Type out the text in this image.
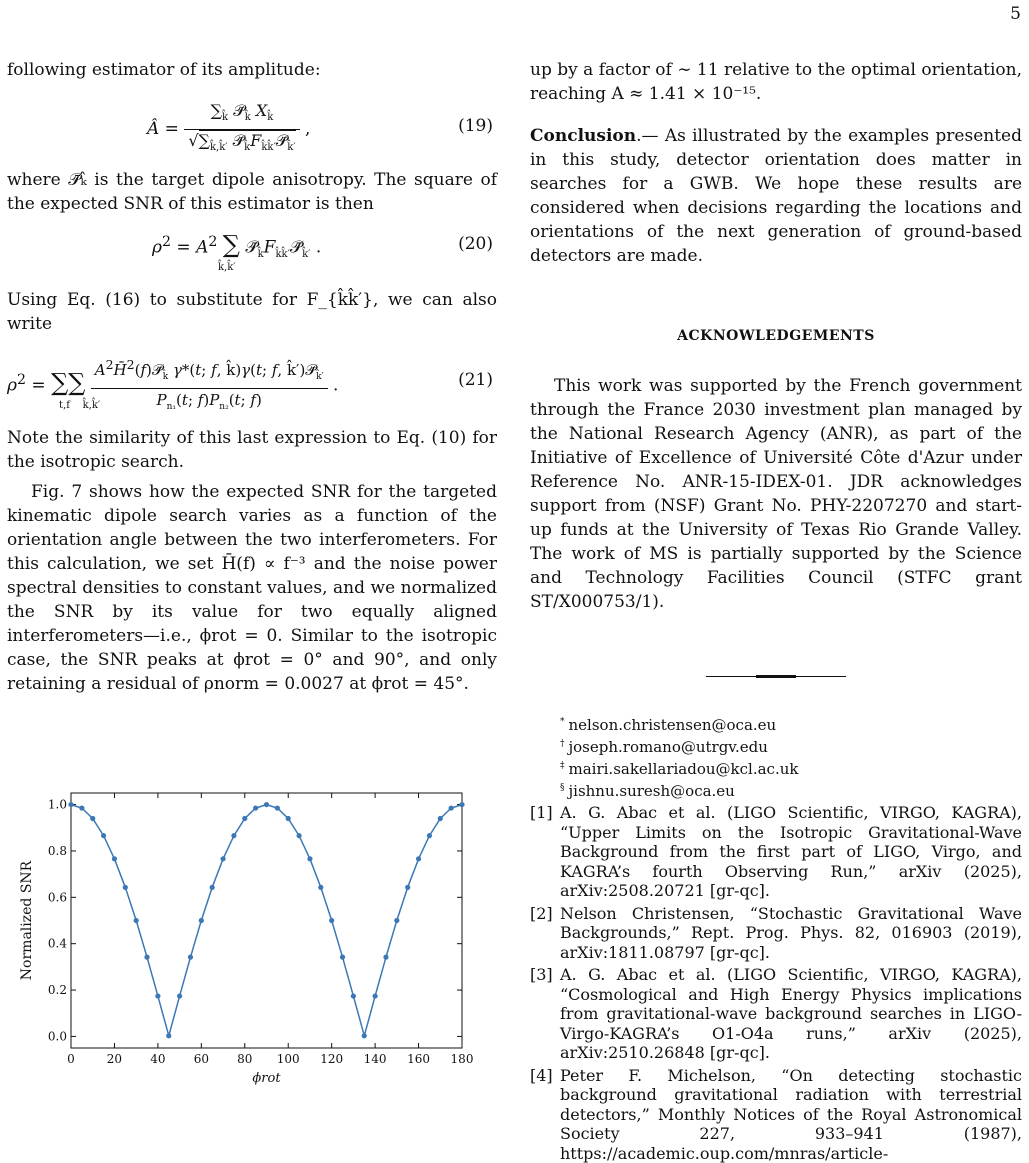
5

following estimator of its amplitude:

Â = $\frac{\sum_{k̂} 𝒫̄_{k̂} X_{k̂}}{√\sum_{k̂,k̂'} 𝒫̄_{k̂}F_{k̂k̂'}𝒫̄_{k̂'}}$ ,	(19)

where 𝒫̄ₖ̂ is the target dipole anisotropy. The square of the expected SNR of this estimator is then

$\rho^2 = A^2$ ∑ $𝒫̄_{k̂}F_{k̂k̂'}𝒫̄_{k̂'}$ .
k̂,k̂′
(20)

Using Eq. (16) to substitute for F_{k̂k̂′}, we can also write

$\rho^2$ = ∑∑ $\frac{A^2H̄^2(f)𝒫̄_{k̂} \gamma*(t; f, k̂)\gamma(t; f, k̂')𝒫̄_{k̂'}}{P_{n_1}(t; f)P_{n_2}(t; f)}$ .
t,f    k̂,k̂′
(21)

Note the similarity of this last expression to Eq. (10) for the isotropic search.

Fig. 7 shows how the expected SNR for the targeted kinematic dipole search varies as a function of the orientation angle between the two interferometers. For this calculation, we set H̄(f) ∝ f⁻³ and the noise power spectral densities to constant values, and we normalized the SNR by its value for two equally aligned interferometers—i.e., ϕrot = 0. Similar to the isotropic case, the SNR peaks at ϕrot = 0° and 90°, and only retaining a residual of ρnorm = 0.0027 at ϕrot = 45°.

0	20 40 60 80 100 120 140 160 180
0.0
0.2
0.4
0.6
0.8
1.0
ϕrot
Normalized SNR

up by a factor of ∼ 11 relative to the optimal orientation, reaching A ≈ 1.41 × 10⁻¹⁵.

Conclusion.— As illustrated by the examples presented in this study, detector orientation does matter in searches for a GWB. We hope these results are considered when decisions regarding the locations and orientations of the next generation of ground-based detectors are made.

ACKNOWLEDGEMENTS

This work was supported by the French government through the France 2030 investment plan managed by the National Research Agency (ANR), as part of the Initiative of Excellence of Université Côte d'Azur under Reference No. ANR-15-IDEX-01. JDR acknowledges support from (NSF) Grant No. PHY-2207270 and start-up funds at the University of Texas Rio Grande Valley. The work of MS is partially supported by the Science and Technology Facilities Council (STFC grant ST/X000753/1).

* nelson.christensen@oca.eu
† joseph.romano@utrgv.edu
‡ mairi.sakellariadou@kcl.ac.uk
§ jishnu.suresh@oca.eu
[1] A. G. Abac et al. (LIGO Scientific, VIRGO, KAGRA), “Upper Limits on the Isotropic Gravitational-Wave Background from the first part of LIGO, Virgo, and KAGRA’s fourth Observing Run,” arXiv (2025), arXiv:2508.20721 [gr-qc].
[2] Nelson Christensen, “Stochastic Gravitational Wave Backgrounds,” Rept. Prog. Phys. 82, 016903 (2019), arXiv:1811.08797 [gr-qc].
[3] A. G. Abac et al. (LIGO Scientific, VIRGO, KAGRA), “Cosmological and High Energy Physics implications from gravitational-wave background searches in LIGO-Virgo-KAGRA’s O1-O4a runs,” arXiv (2025), arXiv:2510.26848 [gr-qc].
[4] Peter F. Michelson, “On detecting stochastic background gravitational radiation with terrestrial detectors,” Monthly Notices of the Royal Astronomical Society 227, 933–941 (1987), https://academic.oup.com/mnras/article-
